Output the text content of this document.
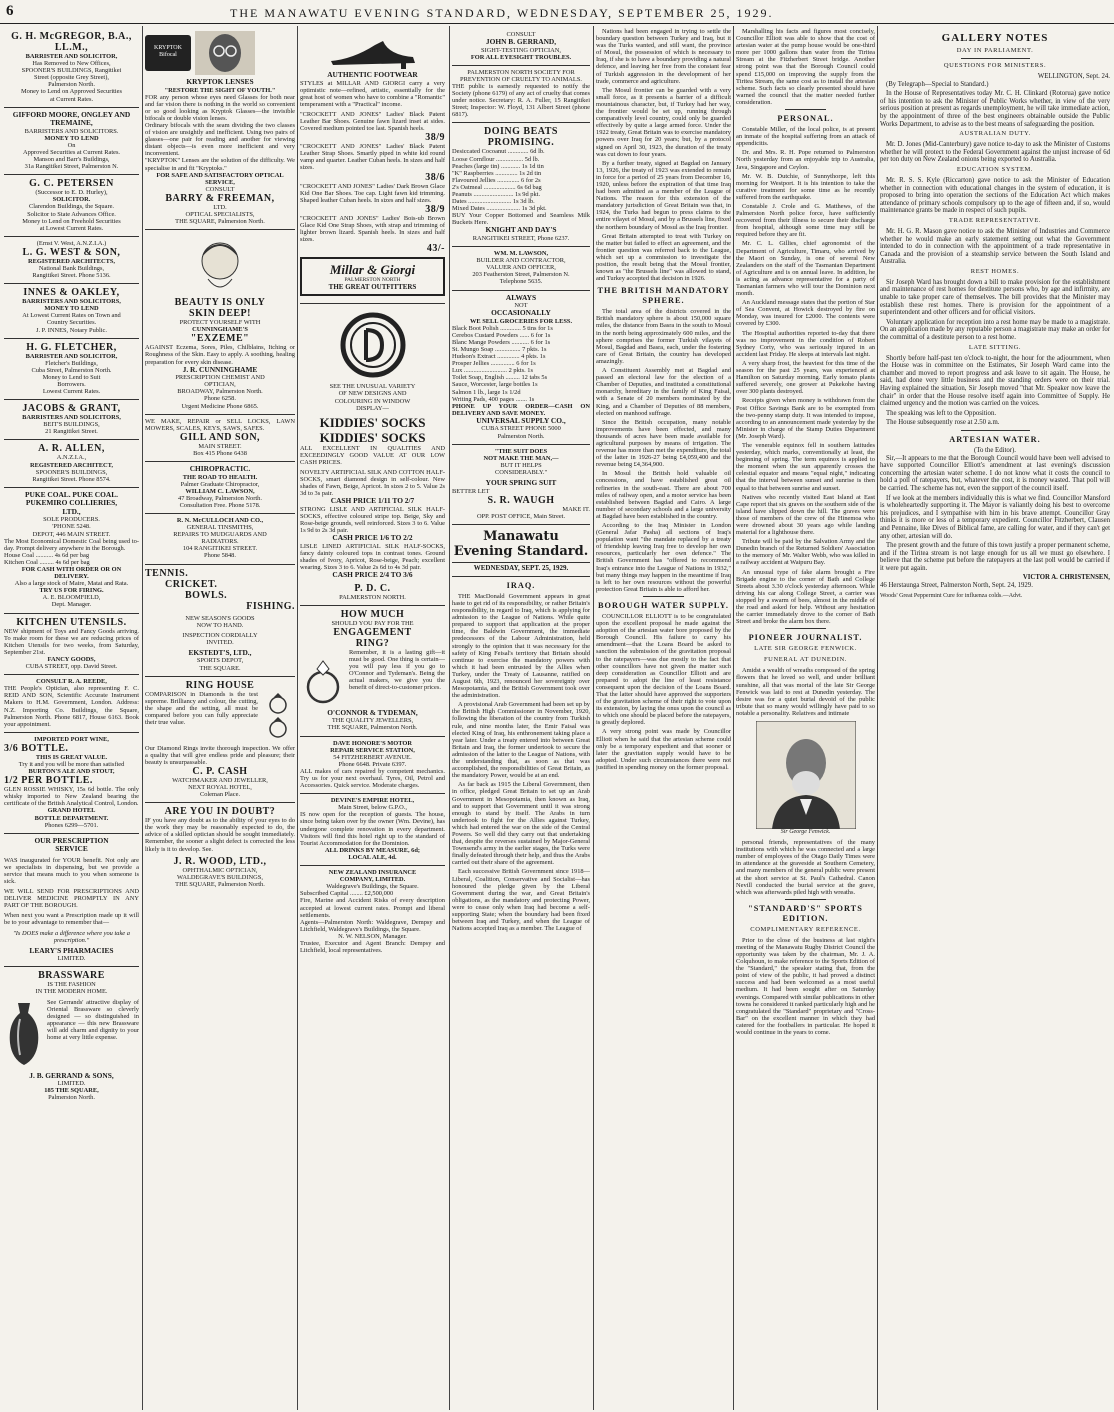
6	THE MANAWATU EVENING STANDARD, WEDNESDAY, SEPTEMBER 25, 1929.
G. H. McGREGOR, B.A., LL.M.,
BARRISTER AND SOLICITOR,
Has Removed to New Offices,
SPOONER'S BUILDINGS, Rangitikei
Street (opposite Grey Street),
Palmerston North.
Money to Lend on Approved Securities
at Current Rates.
GIFFORD MOORE, ONGLEY AND
TREMAINE,
BARRISTERS AND SOLICITORS.
MONEY TO LEND
On
Approved Securities at Current Rates.
Manson and Barr's Buildings,
31a Rangitikei Street, Palmerston N.
G. C. PETERSEN
(Successor to E. D. Hurley),
SOLICITOR.
Clarendon Buildings, the Square.
Solicitor to State Advances Office.
Money to Lend on Freehold Securities
at Lowest Current Rates.
(Ernst V. West, A.N.Z.I.A.)
L. G. WEST & SON,
REGISTERED ARCHITECTS,
National Bank Buildings,
Rangitikei Street. Phone 5136.
INNES & OAKLEY,
BARRISTERS AND SOLICITORS,
MONEY TO LEND
At Lowest Current Rates on Town and
Country Securities.
J. P. INNES, Notary Public.
H. G. FLETCHER,
BARRISTER AND SOLICITOR,
Fletcher's Buildings,
Cuba Street, Palmerston North.
Money to Lend to Suit
Borrowers.
Lowest Current Rates.
JACOBS & GRANT,
BARRISTERS AND SOLICITORS,
BEIT'S BUILDINGS,
21 Rangitikei Street.
A. R. ALLEN,
A.N.Z.I.A.,
REGISTERED ARCHITECT,
SPOONER'S BUILDINGS,
Rangitikei Street. Phone 8574.
PUKE COAL. PUKE COAL.
PUKEMIRO COLLIERIES,
LTD.,
SOLE PRODUCERS.
'PHONE 5248.
DEPOT, 446 MAIN STREET.
The Most Economical Domestic Coal being used to-day. Prompt delivery anywhere in the Borough.
House Coal ........... 4s 6d per bag
Kitchen Coal ......... 4s 6d per bag
FOR CASH WITH ORDER OR ON DELIVERY.
Also a large stock of Maire, Matai and Rata.
TRY US FOR FIRING.
A. E. BLOOMFIELD,
Dept. Manager.
KITCHEN UTENSILS.
NEW shipment of Toys and Fancy Goods arriving. To make room for these we are reducing prices of Kitchen Utensils for two weeks, from Saturday, September 21st.
FANCY GOODS,
CUBA STREET, opp. David Street.
CONSULT R. A. REEDE,
THE People's Optician, also representing F. C. REID AND SON, Scientific Accurate Instrument Makers to H.M. Government, London. Address: N.Z. Importing Co. Buildings, the Square, Palmerston North. Phone 6817, House 6163. Book your appointment.
IMPORTED PORT WINE,
3/6 BOTTLE.
THIS IS GREAT VALUE.
Try it and you will be more than satisfied
BURTON'S ALE AND STOUT,
1/2 PER BOTTLE.
GLEN ROSSIE WHISKY, 15s 6d bottle. The only whisky imported to New Zealand bearing the certificate of the British Analytical Control, London.
GRAND HOTEL
BOTTLE DEPARTMENT.
Phones 6299—5701.
OUR PRESCRIPTION
SERVICE
WAS inaugurated for YOUR benefit. Not only are we specialists in dispensing, but we provide a service that means much to you when someone is sick.
WE WILL SEND FOR PRESCRIPTIONS AND DELIVER MEDICINE PROMPTLY IN ANY PART OF THE BOROUGH.
When next you want a Prescription made up it will be to your advantage to remember that—
"Is DOES make a difference where you take a prescription."
LEARY'S PHARMACIES
LIMITED.
BRASSWARE
IS THE FASHION
IN THE MODERN HOME.
See Gerrands' attractive display of Oriental Brassware so cleverly designed — so distinguished in appearance — this new Brassware will add charm and dignity to your home at very little expense.
J. B. GERRAND & SONS,
LIMITED.
185 THE SQUARE,
Palmerston North.
KRYPTOK Bifocal
KRYPTOK LENSES
"RESTORE THE SIGHT OF YOUTH."
FOR any person whose eyes need Glasses for both near and far vision there is nothing in the world so convenient or so good looking as Kryptok Glasses—the invisible bifocals or double vision lenses.
Ordinary bifocals with the seam dividing the two classes of vision are unsightly and inefficient. Using two pairs of glasses—one pair for reading and another for viewing distant objects—is even more inefficient and very inconvenient.
"KRYPTOK" Lenses are the solution of the difficulty. We specialise in and fit "Kryptoks."
FOR SAFE AND SATISFACTORY OPTICAL SERVICE,
CONSULT
BARRY & FREEMAN,
LTD.
OPTICAL SPECIALISTS,
THE SQUARE, Palmerston North.
BEAUTY IS ONLY
SKIN DEEP!
PROTECT YOURSELF WITH
CUNNINGHAME'S
"EXZEME"
AGAINST Eczema, Sores, Piles, Chilblains, Itching or Roughness of the Skin. Easy to apply. A soothing, healing preparation for every skin disease.
J. R. CUNNINGHAME
PRESCRIPTION CHEMIST AND
OPTICIAN,
BROADWAY, Palmerston North.
Phone 6258.
Urgent Medicine Phone 6865.
WE MAKE, REPAIR or SELL LOCKS, LAWN MOWERS, SCALES, KEYS, SAWS, SAFES.
GILL AND SON,
MAIN STREET.
Box 415 Phone 6438
CHIROPRACTIC.
THE ROAD TO HEALTH.
Palmer Graduate Chiropractor,
WILLIAM C. LAWSON,
47 Broadway, Palmerston North.
Consultation Free. Phone 5178.
R. N. McCULLOCH AND CO.,
GENERAL TINSMITHS,
REPAIRS TO MUDGUARDS AND
RADIATORS.
104 RANGITIKEI STREET.
Phone 5848.
TENNIS.
CRICKET.
BOWLS.
FISHING.
NEW SEASON'S GOODS
NOW TO HAND.
INSPECTION CORDIALLY
INVITED.
EKSTEDT'S, LTD.,
SPORTS DEPOT,
THE SQUARE.
RING HOUSE
COMPARISON in Diamonds is the test supreme. Brilliancy and colour, the cutting, the shape and the setting, all must be compared before you can fully appreciate their true value.
Our Diamond Rings invite thorough inspection. We offer a quality that will give endless pride and pleasure; their beauty is unsurpassable.
C. P. CASH
WATCHMAKER AND JEWELLER,
NEXT ROYAL HOTEL,
Coleman Place.
ARE YOU IN DOUBT?
IF you have any doubt as to the ability of your eyes to do the work they may be reasonably expected to do, the advice of a skilled optician should be sought immediately. Remember, the sooner a slight defect is corrected the less likely is it to develop. See.
J. R. WOOD, LTD.,
OPHTHALMIC OPTICIAN,
WALDEGRAVE'S BUILDINGS,
THE SQUARE, Palmerston North.
AUTHENTIC FOOTWEAR
STYLES at MILLAR AND GIORGI carry a very optimistic note—refined, artistic, essentially for the great host of women who have to combine a "Romantic" temperament with a "Practical" income.
"CROCKETT AND JONES" Ladies' Black Patent Leather Bar Shoes. Genuine fawn lizard inset at sides. Covered medium pointed toe last. Spanish heels.
38/9
"CROCKETT AND JONES" Ladies' Black Patent Leather Strap Shoes. Smartly piped in white kid round vamp and quarter. Leather Cuban heels. In sizes and half sizes.
38/6
"CROCKETT AND JONES" Ladies' Dark Brown Glace Kid One Bar Shoes. Toe cap. Light fawn kid trimming. Shaped leather Cuban heels. In sizes and half sizes.
38/9
"CROCKETT AND JONES" Ladies' Bois-ub Brown Glace Kid One Strap Shoes, with strap and trimming of lighter brown lizard. Spanish heels. In sizes and half sizes.
43/-
Millar & Giorgi
PALMERSTON NORTH
THE GREAT OUTFITTERS
SEE THE UNUSUAL VARIETY
OF NEW DESIGNS AND
COLOURING IN WINDOW
DISPLAY—
KIDDIES' SOCKS
KIDDIES' SOCKS
ALL EXCELLENT IN QUALITIES AND EXCEEDINGLY GOOD VALUE AT OUR LOW CASH PRICES.
NOVELTY ARTIFICIAL SILK AND COTTON HALF-SOCKS, smart diamond design in self-colour. New shades of Fawn, Beige, Apricot. In sizes 2 to 5. Value 2s 3d to 3s pair.
CASH PRICE 1/11 TO 2/7
STRONG LISLE AND ARTIFICIAL SILK HALF-SOCKS, effective coloured stripe top. Beige, Sky and Rose-beige grounds, well reinforced. Sizes 3 to 6. Value 1s 9d to 2s 3d pair.
CASH PRICE 1/6 TO 2/2
LISLE LINED ARTIFICIAL SILK HALF-SOCKS, fancy dainty coloured tops in contrast tones. Ground shades of Ivory, Apricot, Rose-beige, Peach; excellent wearing. Sizes 3 to 6. Value 2s 6d to 4s 3d pair.
CASH PRICE 2/4 TO 3/6
P. D. C.
PALMERSTON NORTH.
HOW MUCH
SHOULD YOU PAY FOR THE
ENGAGEMENT
RING?
Remember, it is a lasting gift—it must be good. One thing is certain—you will pay less if you go to O'Connor and Tydeman's. Being the actual makers, we give you the benefit of direct-to-customer prices.
O'CONNOR & TYDEMAN,
THE QUALITY JEWELLERS,
THE SQUARE, Palmerston North.
DAVE HONORE'S MOTOR
REPAIR SERVICE STATION,
54 FITZHERBERT AVENUE.
Phone 6648. Private 6397.
ALL makes of cars repaired by competent mechanics. Try us for your next overhaul. Tyres, Oil, Petrol and Accessories. Quick service. Moderate charges.
DEVINE'S EMPIRE HOTEL,
Main Street, below G.P.O.,
IS now open for the reception of guests. The house, since being taken over by the owner (Wm. Devine), has undergone complete renovation in every department. Visitors will find this hotel right up to the standard of Tourist Accommodation for the Dominion.
ALL DRINKS BY MEASURE, 6d;
LOCAL ALE, 4d.
NEW ZEALAND INSURANCE
COMPANY, LIMITED.
Waldegrave's Buildings, the Square.
Subscribed Capital ........ £2,500,000
Fire, Marine and Accident Risks of every description accepted at lowest current rates. Prompt and liberal settlements.
Agents—Palmerston North: Waldegrave, Dempsy and Litchfield, Waldegrave's Buildings, the Square.
N. W. NELSON, Manager.
Trustee, Executor and Agent Branch: Dempsy and Litchfield, local representatives.
CONSULT
JOHN B. GERRAND,
SIGHT-TESTING OPTICIAN,
FOR ALL EYESIGHT TROUBLES.
PALMERSTON NORTH SOCIETY FOR PREVENTION OF CRUELTY TO ANIMALS.
THE public is earnestly requested to notify the Society (phone 6179) of any act of cruelty that comes under notice. Secretary: R. A. Fuller, 15 Rangitikei Street; Inspector: W. Floyd, 131 Albert Street (phone 6817).
DOING BEATS
PROMISING.
Desiccated Cocoanut ............. 6d lb.
Loose Cornflour ................. 5d lb.
Peaches (large tin) ............ 1s 1d tin
"K" Raspberries .............. 1s 2d tin
Flavoured Jellies .............. 6 for 2s
2's Oatmeal .................... 6s 6d bag
Peanuts ......................... 1s 9d pkt.
Dates ........................... 1s 3d lb.
Mixed Dates ..................... 1s 3d pkt.
BUY Your Copper Bottomed and Seamless Milk Buckets Here.
KNIGHT AND DAY'S
RANGITIKEI STREET, Phone 6237.
WM. M. LAWSON,
BUILDER AND CONTRACTOR,
VALUER AND OFFICER,
203 Featherston Street, Palmerston N.
Telephone 5635.
ALWAYS
NOT
OCCASIONALLY
WE SELL GROCERIES FOR LESS.
Black Boot Polish ............. 5 tins for 1s
Cerebos Custard Powders ...... 6 for 1s
Blanc Mange Powders ........... 6 for 1s
St. Mungo Soap ................ 7 pkts. 1s
Hudson's Extract .............. 4 pkts. 1s
Prosper Jellies ............... 6 for 1s
Lux ........................... 2 pkts. 1s
Toilet Soap, English ......... 12 tabs 5s
Sauce, Worcester, large bottles 1s
Salmon 1 lb., large 1s 1/2d
Writing Pads, 400 pages ....... 1s
PHONE UP YOUR ORDER—CASH ON DELIVERY AND SAVE MONEY.
UNIVERSAL SUPPLY CO.,
CUBA STREET PHONE 5000
Palmerston North.
"THE SUIT DOES
NOT MAKE THE MAN,—
BUT IT HELPS
CONSIDERABLY."
YOUR SPRING SUIT
BETTER LET
S. R. WAUGH
MAKE IT.
OPP. POST OFFICE, Main Street.
Manawatu
Evening Standard.
WEDNESDAY, SEPT. 25, 1929.
IRAQ.

THE MacDonald Government appears in great haste to get rid of its responsibility, or rather Britain's responsibility, in regard to Iraq, which is applying for admission to the League of Nations. While quite prepared to support that application at the proper time, the Baldwin Government, the immediate predecessors of the Labour Administration, held strongly to the opinion that it was necessary for the safety of King Feisal's territory that Britain should continue to exercise the mandatory powers with which it had been entrusted by the Allies when Turkey, under the Treaty of Lausanne, ratified on August 6th, 1923, renounced her sovereignty over Mesopotamia, and the British Government took over the administration.

A provisional Arab Government had been set up by the British High Commissioner in November, 1920, following the liberation of the country from Turkish rule, and nine months later, the Emir Faisal was elected King of Iraq, his enthronement taking place a year later. Under a treaty entered into between Great Britain and Iraq, the former undertook to secure the admission of the latter to the League of Nations, with the understanding that, as soon as that was accomplished, the responsibilities of Great Britain, as the mandatory Power, would be at an end.

As far back as 1915 the Liberal Government, then in office, pledged Great Britain to set up an Arab Government in Mesopotamia, then known as Iraq, and to support that Government until it was strong enough to stand by itself. The Arabs in turn undertook to fight for the Allies against Turkey, which had entered the war on the side of the Central Powers. So well did they carry out that undertaking that, despite the reverses sustained by Major-General Townsend's army in the earlier stages, the Turks were finally defeated through their help, and thus the Arabs carried out their share of the agreement.

Each successive British Government since 1918—Liberal, Coalition, Conservative and Socialist—has honoured the pledge given by the Liberal Government during the war, and Great Britain's obligations, as the mandatory and protecting Power, were to cease only when Iraq had become a self-supporting State; when the boundary had been fixed between Iraq and Turkey, and when the League of Nations accepted Iraq as a member. The League of

Nations had been engaged in trying to settle the boundary question between Turkey and Iraq, but it was the Turks wanted, and still want, the province of Mosul, the possession of which is necessary to Iraq, if she is to have a boundary providing a natural defence, and leaving her free from the constant fear of Turkish aggression in the development of her trade, commerce and agriculture.

The Mosul frontier can be guarded with a very small force, as it presents a barrier of a difficult mountainous character, but, if Turkey had her way, the frontier would be set up, running through comparatively level country, could only be guarded effectively by quite a large armed force. Under the 1922 treaty, Great Britain was to exercise mandatory powers over Iraq for 20 years; but, by a protocol signed on April 30, 1923, the duration of the treaty was cut down to four years.

By a further treaty, signed at Bagdad on January 13, 1926, the treaty of 1923 was extended to remain in force for a period of 25 years from December 16, 1920, unless before the expiration of that time Iraq had been admitted as a member of the League of Nations. The reason for this extension of the mandatory jurisdiction of Great Britain was that, in 1924, the Turks had begun to press claims to the entire vilayet of Mosul, and by a Brussels line, fixed the northern boundary of Mosul as the Iraq frontier.

Great Britain attempted to treat with Turkey on the matter but failed to effect an agreement, and the frontier question was referred back to the League, which set up a commission to investigate the position, the result being that the Mosul frontier, known as "the Brussels line" was allowed to stand, and Turkey accepted that decision in 1926.

THE BRITISH MANDATORY SPHERE.

The total area of the districts covered in the British mandatory sphere is about 150,000 square miles, the distance from Basra in the south to Mosul in the north being approximately 600 miles, and the sphere comprises the former Turkish vilayets of Mosul, Bagdad and Basra, each, under the fostering care of Great Britain, the country has developed amazingly.

A Constituent Assembly met at Bagdad and passed an electoral law for the election of a Chamber of Deputies, and instituted a constitutional monarchy, hereditary in the family of King Faisal, with a Senate of 20 members nominated by the King, and a Chamber of Deputies of 88 members, elected on manhood suffrage.

Since the British occupation, many notable improvements have been effected, and many thousands of acres have been made available for agricultural purposes by means of irrigation. The revenue has more than met the expenditure, the total of the latter in 1926-27 being £4,059,400 and the revenue being £4,364,900.

In Mosul the British hold valuable oil concessions, and have established great oil refineries in the south-east. There are about 700 miles of railway open, and a motor service has been established between Bagdad and Cairo. A large number of secondary schools and a large university at Bagdad have been established in the country.

According to the Iraq Minister in London (General Jafar Pasha) all sections of Iraq's population want "the mandate replaced by a treaty of friendship leaving Iraq free to develop her own resources, particularly her own defence." The British Government has "offered to recommend Iraq's entrance into the League of Nations in 1932," but many things may happen in the meantime if Iraq is left to her own resources without the powerful protection Great Britain is able to afford her.

BOROUGH WATER SUPPLY.

COUNCILLOR ELLIOTT is to be congratulated upon the excellent proposal he made against the adoption of the artesian water bore proposed by the Borough Council. His failure to carry his amendment—that the Loans Board be asked to sanction the submission of the gravitation proposal to the ratepayers—was due mostly to the fact that other councillors have not given the matter such deep consideration as Councillor Elliott and are prepared to adopt the line of least resistance consequent upon the decision of the Loans Board. That the latter should have approved the supporters of the gravitation scheme of their right to vote upon its extension, by laying the onus upon the council as to which one should be placed before the ratepayers, is greatly deplored.

A very strong point was made by Councillor Elliott when he said that the artesian scheme could only be a temporary expedient and that sooner or later the gravitation supply would have to be adopted. Under such circumstances there were not justified in spending money on the former proposal.

Marshalling his facts and figures most concisely, Councillor Elliott was able to show that the cost of artesian water at the pump house would be one-third more per 1000 gallons than water from the Tiritea Stream at the Fitzherbert Street bridge. Another strong point was that the Borough Council could spend £15,000 on improving the supply from the Tiritea Stream, the same cost as to install the artesian scheme. Such facts so clearly presented should have warned the council that the matter needed further consideration.

PERSONAL.

Constable Miller, of the local police, is at present an inmate of the hospital suffering from an attack of appendicitis.

Dr. and Mrs. R. H. Pope returned to Palmerston North yesterday from an enjoyable trip to Australia, Java, Singapore and Ceylon.

Mr. W. B. Dutchie, of Sunnythorpe, left this morning for Westport. It is his intention to take the curative treatment for some time as he recently suffered from the earthquake.

Constable J. Crole and G. Matthews, of the Palmerston North police force, have sufficiently recovered from their illness to secure their discharge from hospital, although some time may still be required before they are fit.

Mr. C. L. Gillies, chief agronomist of the Department of Agriculture, Timaru, who arrived by the Maori on Sunday, is one of several New Zealanders on the staff of the Tasmanian Department of Agriculture and is on annual leave. In addition, he is acting as advance representative for a party of Tasmanian farmers who will tour the Dominion next month.

An Auckland message states that the portion of Star of Sea Convent, at Howick destroyed by fire on Monday, was insured for £2000. The contents were covered by £300.

The Hospital authorities reported to-day that there was no improvement in the condition of Robert Sydney Corty, who was seriously injured in an accident last Friday. He sleeps at intervals last night.

A very sharp frost, the heaviest for this time of the season for the past 25 years, was experienced at Hamilton on Saturday morning. Early tomato plants suffered severely, one grower at Pukekohe having over 300 plants destroyed.

Receipts given when money is withdrawn from the Post Office Savings Bank are to be exempted from the two-penny stamp duty. It was intended to impose, according to an announcement made yesterday by the Minister in charge of the Stamp Duties Department (Mr. Joseph Ward).

The venerable equinox fell in southern latitudes yesterday, which marks, conventionally at least, the beginning of spring. The term equinox is applied to the moment when the sun apparently crosses the celestial equator and means "equal night," indicating that the interval between sunset and sunrise is then equal to that between sunrise and sunset.

Natives who recently visited East Island at East Cape report that six graves on the southern side of the island have slipped down the hill. The graves were those of members of the crew of the Hinemoa who were drowned about 30 years ago while landing material for a lighthouse there.

Tribute will be paid by the Salvation Army and the Dunedin branch of the Returned Soldiers' Association to the memory of Mr. Walter Webb, who was killed in a railway accident at Waipuru Bay.

An unusual type of fake alarm brought a Fire Brigade engine to the corner of Bath and College Streets about 3.30 o'clock yesterday afternoon. While driving his car along College Street, a carrier was stopped by a swarm of bees, almost in the middle of the road and asked for help. Without any hesitation the carrier immediately drove to the corner of Bath Street and broke the alarm box there.

PIONEER JOURNALIST.
LATE SIR GEORGE FENWICK.
FUNERAL AT DUNEDIN.

Amidst a wealth of wreaths composed of the spring flowers that he loved so well, and under brilliant sunshine, all that was mortal of the late Sir George Fenwick was laid to rest at Dunedin yesterday. The desire was for a quiet burial devoid of the public tribute that so many would willingly have paid to so notable a personality. Relatives and intimate

Sir George Fenwick.

personal friends, representatives of the many institutions with which he was connected and a large number of employees of the Otago Daily Times were in attendance at the graveside at Southern Cemetery, and many members of the general public were present at the short service at St. Paul's Cathedral. Canon Nevill conducted the burial service at the grave, which was afterwards piled high with wreaths.

"STANDARD'S" SPORTS EDITION.
COMPLIMENTARY REFERENCE.

Prior to the close of the business at last night's meeting of the Manawatu Rugby District Council the opportunity was taken by the chairman, Mr. J. A. Colquhoun, to make reference to the Sports Edition of the "Standard," the speaker stating that, from the point of view of the public, it had proved a distinct success and had been welcomed as a most useful medium. It had been sought after on Saturday evenings. Compared with similar publications in other towns he considered it ranked particularly high and he congratulated the "Standard" proprietary and "Cross-Bar" on the excellent manner in which they had catered for the footballers in particular. He hoped it would continue in the years to come.

GALLERY NOTES
DAY IN PARLIAMENT.
QUESTIONS FOR MINISTERS.
WELLINGTON, Sept. 24.

(By Telegraph—Special to Standard.)

In the House of Representatives today Mr. C. H. Clinkard (Rotorua) gave notice of his intention to ask the Minister of Public Works whether, in view of the very serious position at present as regards unemployment, he will take immediate action, by the appointment of three of the best engineers obtainable outside the Public Works Department, to advise as to the best means of safeguarding the position.

AUSTRALIAN DUTY.

Mr. D. Jones (Mid-Canterbury) gave notice to-day to ask the Minister of Customs whether he will protect to the Federal Government against the unjust increase of 6d per ton duty on New Zealand onions being exported to Australia.

EDUCATION SYSTEM.

Mr. R. S. S. Kyle (Riccarton) gave notice to ask the Minister of Education whether in connection with educational changes in the system of education, it is proposed to bring into operation the sections of the Education Act which makes attendance of primary schools compulsory up to the age of fifteen and, if so, would maintenance grants be made in respect of such pupils.

TRADE REPRESENTATIVE.

Mr. H. G. R. Mason gave notice to ask the Minister of Industries and Commerce whether he would make an early statement setting out what the Government intended to do in connection with the appointment of a trade representative in Canada and the provision of a steamship service between the South Island and Australia.

REST HOMES.

Sir Joseph Ward has brought down a bill to make provision for the establishment and maintenance of rest homes for destitute persons who, by age and infirmity, are unable to take proper care of themselves. The bill provides that the Minister may establish these rest homes. There is provision for the appointment of a superintendent and other officers and for official visitors.

Voluntary application for reception into a rest home may be made to a magistrate. On an application made by any reputable person a magistrate may make an order for the committal of a destitute person to a rest home.

LATE SITTING.

Shortly before half-past ten o'clock to-night, the hour for the adjournment, when the House was in committee on the Estimates, Sir Joseph Ward came into the chamber and moved to report progress and ask leave to sit again. The House, he said, had done very little business and the standing orders were on their trial. Having explained the situation, Sir Joseph moved "that Mr. Speaker now leave the chair" in order that the House resolve itself again into Committee of Supply. He claimed urgency and the motion was carried on the voices.

The speaking was left to the Opposition.

The House subsequently rose at 2.50 a.m.

ARTESIAN WATER.
(To the Editor).

Sir,—It appears to me that the Borough Council would have been well advised to have supported Councillor Elliott's amendment at last evening's discussion concerning the artesian water scheme. I do not know what it costs the council to hold a poll of ratepayers, but, whatever the cost, it is money wasted. That poll will be carried. The scheme has not, even the support of the council itself.

If we look at the members individually this is what we find. Councillor Mansford is wholeheartedly supporting it. The Mayor is valiantly doing his best to overcome his prejudices, and I sympathise with him in his brave attempt. Councillor Gray thinks it is more or less of a temporary expedient. Councillor Fitzherbert, Clausen and Pennaine, like Dives of Biblical fame, are calling for water, and if they can't get any other, artesian will do.

The present growth and the future of this town justify a proper permanent scheme, and if the Tiritea stream is not large enough for us all we must go elsewhere. I believe that the scheme put before the ratepayers at the last poll would be carried if it were put again.

VICTOR A. CHRISTENSEN,
46 Herstaunga Street, Palmerston North, Sept. 24, 1929.
Woods' Great Peppermint Cure for influenza colds.—Advt.
